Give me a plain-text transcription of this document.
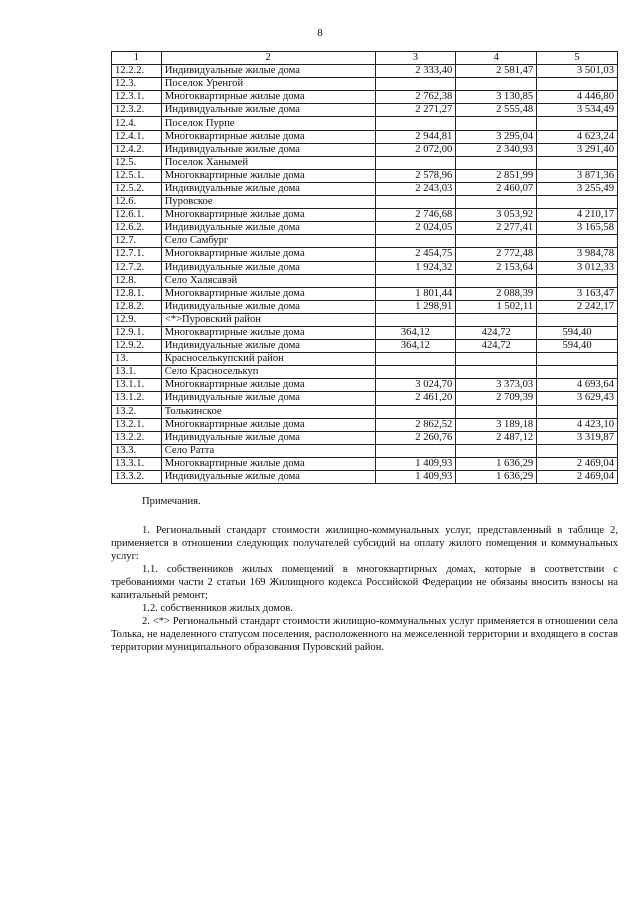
8
1	2	3	4	5
12.2.2.	Индивидуальные жилые дома	2 333,40	2 581,47	3 501,03
12.3.	Поселок Уренгой			
12.3.1.	Многоквартирные жилые дома	2 762,38	3 130,85	4 446,80
12.3.2.	Индивидуальные жилые дома	2 271,27	2 555,48	3 534,49
12.4.	Поселок Пурпе			
12.4.1.	Многоквартирные жилые дома	2 944,81	3 295,04	4 623,24
12.4.2.	Индивидуальные жилые дома	2 072,00	2 340,93	3 291,40
12.5.	Поселок Ханымей			
12.5.1.	Многоквартирные жилые дома	2 578,96	2 851,99	3 871,36
12.5.2.	Индивидуальные жилые дома	2 243,03	2 460,07	3 255,49
12.6.	Пуровское			
12.6.1.	Многоквартирные жилые дома	2 746,68	3 053,92	4 210,17
12.6.2.	Индивидуальные жилые дома	2 024,05	2 277,41	3 165,58
12.7.	Село Самбург			
12.7.1.	Многоквартирные жилые дома	2 454,75	2 772,48	3 984,78
12.7.2.	Индивидуальные жилые дома	1 924,32	2 153,64	3 012,33
12.8.	Село Халясавэй			
12.8.1.	Многоквартирные жилые дома	1 801,44	2 088,39	3 163,47
12.8.2.	Индивидуальные жилые дома	1 298,91	1 502,11	2 242,17
12.9.	<*>Пуровский район			
12.9.1.	Многоквартирные жилые дома	364,12	424,72	594,40
12.9.2.	Индивидуальные жилые дома	364,12	424,72	594,40
13.	Красноселькупский район			
13.1.	Село Красноселькуп			
13.1.1.	Многоквартирные жилые дома	3 024,70	3 373,03	4 693,64
13.1.2.	Индивидуальные жилые дома	2 461,20	2 709,39	3 629,43
13.2.	Толькинское			
13.2.1.	Многоквартирные жилые дома	2 862,52	3 189,18	4 423,10
13.2.2.	Индивидуальные жилые дома	2 260,76	2 487,12	3 319,87
13.3.	Село Ратта			
13.3.1.	Многоквартирные жилые дома	1 409,93	1 636,29	2 469,04
13.3.2.	Индивидуальные жилые дома	1 409,93	1 636,29	2 469,04

Примечания.

1. Региональный стандарт стоимости жилищно-коммунальных услуг, представленный в таблице 2, применяется в отношении следующих получателей субсидий на оплату жилого помещения и коммунальных услуг:

1.1. собственников жилых помещений в многоквартирных домах, которые в соответствии с требованиями части 2 статьи 169 Жилищного кодекса Российской Федерации не обязаны вносить взносы на капитальный ремонт;

1.2. собственников жилых домов.

2. <*> Региональный стандарт стоимости жилищно-коммунальных услуг применяется в отношении села Толька, не наделенного статусом поселения, расположенного на межселенной территории и входящего в состав территории муниципального образования Пуровский район.
